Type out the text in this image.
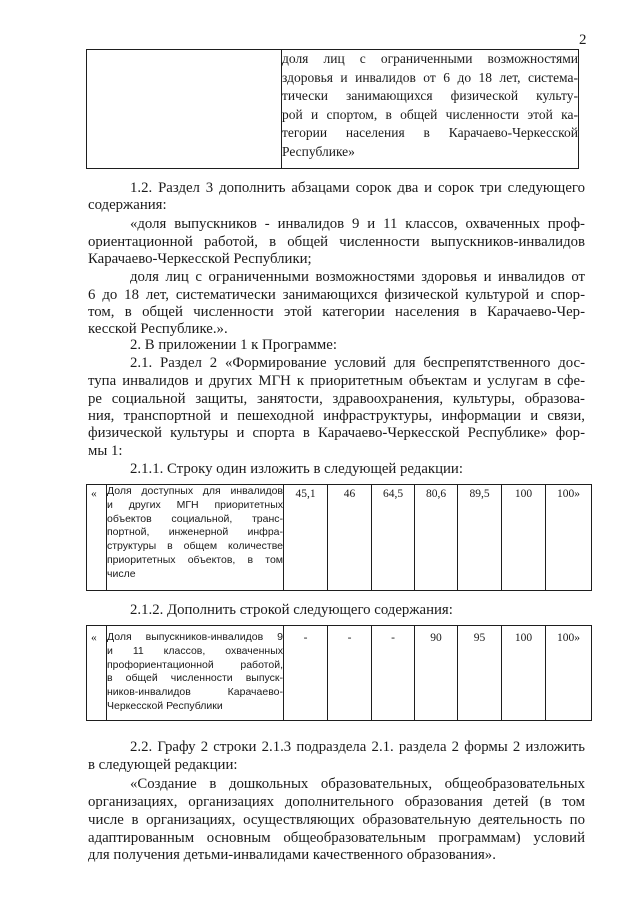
2

доля лиц с ограниченными возможностями
здоровья и инвалидов от 6 до 18 лет, система-
тически занимающихся физической культу-
рой и спортом, в общей численности этой ка-
тегории населения в Карачаево-Черкесской
Республике»
1.2. Раздел 3 дополнить абзацами сорок два и сорок три следующего
содержания:
«доля выпускников - инвалидов 9 и 11 классов, охваченных проф-
ориентационной работой, в общей численности выпускников-инвалидов
Карачаево-Черкесской Республики;
доля лиц с ограниченными возможностями здоровья и инвалидов от
6 до 18 лет, систематически занимающихся физической культурой и спор-
том, в общей численности этой категории населения в Карачаево-Чер-
кесской Республике.».
2. В приложении 1 к Программе:
2.1. Раздел 2 «Формирование условий для беспрепятственного дос-
тупа инвалидов и других МГН к приоритетным объектам и услугам в сфе-
ре социальной защиты, занятости, здравоохранения, культуры, образова-
ния, транспортной и пешеходной инфраструктуры, информации и связи,
физической культуры и спорта в Карачаево-Черкесской Республике» фор-
мы 1:
2.1.1. Строку один изложить в следующей редакции:
«	Доля доступных для инвалидов
и других МГН приоритетных
объектов социальной, транс-
портной, инженерной инфра-
структуры в общем количестве
приоритетных объектов, в том
числе
	45,1	46	64,5	80,6	89,5	100	100»
2.1.2. Дополнить строкой следующего содержания:
«	Доля выпускников-инвалидов 9
и 11 классов, охваченных
профориентационной работой,
в общей численности выпуск-
ников-инвалидов Карачаево-
Черкесской Республики
	-	-	-	90	95	100	100»
2.2. Графу 2 строки 2.1.3 подраздела 2.1. раздела 2 формы 2 изложить
в следующей редакции:
«Создание в дошкольных образовательных, общеобразовательных
организациях, организациях дополнительного образования детей (в том
числе в организациях, осуществляющих образовательную деятельность по
адаптированным основным общеобразовательным программам) условий
для получения детьми-инвалидами качественного образования».
